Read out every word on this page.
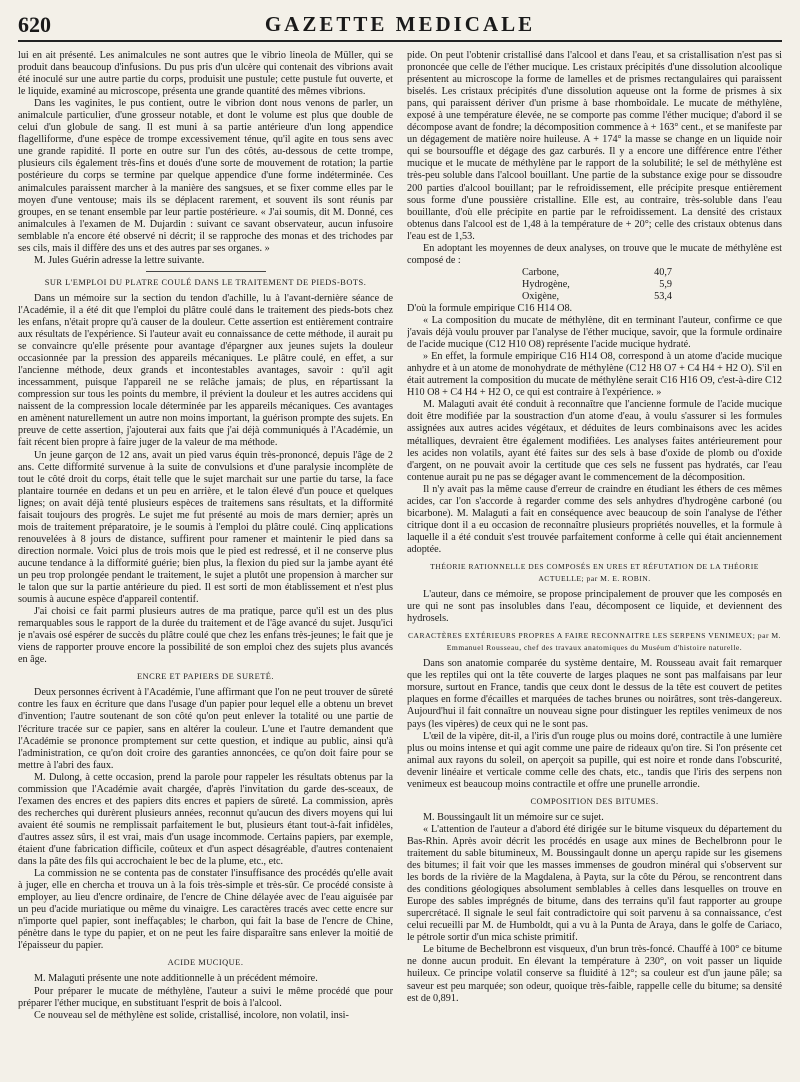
620	GAZETTE MEDICALE

lui en ait présenté. Les animalcules ne sont autres que le vibrio lineola de Müller, qui se produit dans beaucoup d'infusions. Du pus pris d'un ulcère qui contenait des vibrions avait été inoculé sur une autre partie du corps, produisit une pustule; cette pustule fut ouverte, et le liquide, examiné au microscope, présenta une grande quantité des mêmes vibrions.

Dans les vaginites, le pus contient, outre le vibrion dont nous venons de parler, un animalcule particulier, d'une grosseur notable, et dont le volume est plus que double de celui d'un globule de sang. Il est muni à sa partie antérieure d'un long appendice flagelliforme, d'une espèce de trompe excessivement ténue, qu'il agite en tous sens avec une grande rapidité. Il porte en outre sur l'un des côtés, au-dessous de cette trompe, plusieurs cils également très-fins et doués d'une sorte de mouvement de rotation; la partie postérieure du corps se termine par quelque appendice d'une forme indéterminée. Ces animalcules paraissent marcher à la manière des sangsues, et se fixer comme elles par le moyen d'une ventouse; mais ils se déplacent rarement, et souvent ils sont réunis par groupes, en se tenant ensemble par leur partie postérieure. « J'ai soumis, dit M. Donné, ces animalcules à l'examen de M. Dujardin : suivant ce savant observateur, aucun infusoire semblable n'a encore été observé ni décrit; il se rapproche des monas et des trichodes par ses cils, mais il diffère des uns et des autres par ses organes. »

M. Jules Guérin adresse la lettre suivante.

SUR L'EMPLOI DU PLATRE COULÉ DANS LE TRAITEMENT DE PIEDS-BOTS.

Dans un mémoire sur la section du tendon d'achille, lu à l'avant-dernière séance de l'Académie, il a été dit que l'emploi du plâtre coulé dans le traitement des pieds-bots chez les enfans, n'était propre qu'à causer de la douleur. Cette assertion est entièrement contraire aux résultats de l'expérience. Si l'auteur avait eu connaissance de cette méthode, il aurait pu se convaincre qu'elle présente pour avantage d'épargner aux jeunes sujets la douleur occasionnée par la pression des appareils mécaniques. Le plâtre coulé, en effet, a sur l'ancienne méthode, deux grands et incontestables avantages, savoir : qu'il agit incessamment, puisque l'appareil ne se relâche jamais; de plus, en répartissant la compression sur tous les points du membre, il prévient la douleur et les autres accidens qui naissent de la compression locale déterminée par les appareils mécaniques. Ces avantages en amènent naturellement un autre non moins important, la guérison prompte des sujets. En preuve de cette assertion, j'ajouterai aux faits que j'ai déjà communiqués à l'Académie, un fait récent bien propre à faire juger de la valeur de ma méthode.

Un jeune garçon de 12 ans, avait un pied varus équin très-prononcé, depuis l'âge de 2 ans. Cette difformité survenue à la suite de convulsions et d'une paralysie incomplète de tout le côté droit du corps, était telle que le sujet marchait sur une partie du tarse, la face plantaire tournée en dedans et un peu en arrière, et le talon élevé d'un pouce et quelques lignes; on avait déjà tenté plusieurs espèces de traitemens sans résultats, et la difformité faisait toujours des progrès. Le sujet me fut présenté au mois de mars dernier; après un mois de traitement préparatoire, je le soumis à l'emploi du plâtre coulé. Cinq applications renouvelées à 8 jours de distance, suffirent pour ramener et maintenir le pied dans sa direction normale. Voici plus de trois mois que le pied est redressé, et il ne conserve plus aucune tendance à la difformité guérie; bien plus, la flexion du pied sur la jambe ayant été un peu trop prolongée pendant le traitement, le sujet a plutôt une propension à marcher sur le talon que sur la partie antérieure du pied. Il est sorti de mon établissement et n'est plus soumis à aucune espèce d'appareil contentif.

J'ai choisi ce fait parmi plusieurs autres de ma pratique, parce qu'il est un des plus remarquables sous le rapport de la durée du traitement et de l'âge avancé du sujet. Jusqu'ici je n'avais osé espérer de succès du plâtre coulé que chez les enfans très-jeunes; le fait que je viens de rapporter prouve encore la possibilité de son emploi chez des sujets plus avancés en âge.

ENCRE ET PAPIERS DE SURETÉ.

Deux personnes écrivent à l'Académie, l'une affirmant que l'on ne peut trouver de sûreté contre les faux en écriture que dans l'usage d'un papier pour lequel elle a obtenu un brevet d'invention; l'autre soutenant de son côté qu'on peut enlever la totalité ou une partie de l'écriture tracée sur ce papier, sans en altérer la couleur. L'une et l'autre demandent que l'Académie se prononce promptement sur cette question, et indique au public, ainsi qu'à l'administration, ce qu'on doit croire des garanties annoncées, ce qu'on doit faire pour se mettre à l'abri des faux.

M. Dulong, à cette occasion, prend la parole pour rappeler les résultats obtenus par la commission que l'Académie avait chargée, d'après l'invitation du garde des-sceaux, de l'examen des encres et des papiers dits encres et papiers de sûreté. La commission, après des recherches qui durèrent plusieurs années, reconnut qu'aucun des divers moyens qui lui avaient été soumis ne remplissait parfaitement le but, plusieurs étant tout-à-fait infidèles, d'autres assez sûrs, il est vrai, mais d'un usage incommode. Certains papiers, par exemple, étaient d'une fabrication difficile, coûteux et d'un aspect désagréable, d'autres contenaient dans la pâte des fils qui accrochaient le bec de la plume, etc., etc.

La commission ne se contenta pas de constater l'insuffisance des procédés qu'elle avait à juger, elle en chercha et trouva un à la fois très-simple et très-sûr. Ce procédé consiste à employer, au lieu d'encre ordinaire, de l'encre de Chine délayée avec de l'eau aiguisée par un peu d'acide muriatique ou même du vinaigre. Les caractères tracés avec cette encre sur n'importe quel papier, sont ineffaçables; le charbon, qui fait la base de l'encre de Chine, pénètre dans le type du papier, et on ne peut les faire disparaître sans enlever la moitié de l'épaisseur du papier.

ACIDE MUCIQUE.

M. Malaguti présente une note additionnelle à un précédent mémoire.

Pour préparer le mucate de méthylène, l'auteur a suivi le même procédé que pour préparer l'éther mucique, en substituant l'esprit de bois à l'alcool.

Ce nouveau sel de méthylène est solide, cristallisé, incolore, non volatil, insi-

pide. On peut l'obtenir cristallisé dans l'alcool et dans l'eau, et sa cristallisation n'est pas si prononcée que celle de l'éther mucique. Les cristaux précipités d'une dissolution alcoolique présentent au microscope la forme de lamelles et de prismes rectangulaires qui paraissent biselés. Les cristaux précipités d'une dissolution aqueuse ont la forme de prismes à six pans, qui paraissent dériver d'un prisme à base rhomboïdale. Le mucate de méthylène, exposé à une température élevée, ne se comporte pas comme l'éther mucique; d'abord il se décompose avant de fondre; la décomposition commence à + 163° cent., et se manifeste par un dégagement de matière noire huileuse. A + 174° la masse se change en un liquide noir qui se boursouffle et dégage des gaz carburés. Il y a encore une différence entre l'éther mucique et le mucate de méthylène par le rapport de la solubilité; le sel de méthylène est très-peu soluble dans l'alcool bouillant. Une partie de la substance exige pour se dissoudre 200 parties d'alcool bouillant; par le refroidissement, elle précipite presque entièrement sous forme d'une poussière cristalline. Elle est, au contraire, très-soluble dans l'eau bouillante, d'où elle précipite en partie par le refroidissement. La densité des cristaux obtenus dans l'alcool est de 1,48 à la température de + 20°; celle des cristaux obtenus dans l'eau est de 1,53.

En adoptant les moyennes de deux analyses, on trouve que le mucate de méthylène est composé de :

Carbone,	40,7
Hydrogène,	5,9
Oxigène,	53,4

D'où la formule empirique C16 H14 O8.

« La composition du mucate de méthylène, dit en terminant l'auteur, confirme ce que j'avais déjà voulu prouver par l'analyse de l'éther mucique, savoir, que la formule ordinaire de l'acide mucique (C12 H10 O8) représente l'acide mucique hydraté.

» En effet, la formule empirique C16 H14 O8, correspond à un atome d'acide mucique anhydre et à un atome de monohydrate de méthylène (C12 H8 O7 + C4 H4 + H2 O). S'il en était autrement la composition du mucate de méthylène serait C16 H16 O9, c'est-à-dire C12 H10 O8 + C4 H4 + H2 O, ce qui est contraire à l'expérience. »

M. Malaguti avait été conduit à reconnaître que l'ancienne formule de l'acide mucique doit être modifiée par la soustraction d'un atome d'eau, à voulu s'assurer si les formules assignées aux autres acides végétaux, et déduites de leurs combinaisons avec les acides métalliques, devraient être également modifiées. Les analyses faites antérieurement pour les acides non volatils, ayant été faites sur des sels à base d'oxide de plomb ou d'oxide d'argent, on ne pouvait avoir la certitude que ces sels ne fussent pas hydratés, car l'eau contenue aurait pu ne pas se dégager avant le commencement de la décomposition.

Il n'y avait pas la même cause d'erreur de craindre en étudiant les éthers de ces mêmes acides, car l'on s'accorde à regarder comme des sels anhydres d'hydrogène carboné (ou bicarbone). M. Malaguti a fait en conséquence avec beaucoup de soin l'analyse de l'éther citrique dont il a eu occasion de reconnaître plusieurs propriétés nouvelles, et la formule à laquelle il a été conduit s'est trouvée parfaitement conforme à celle qui était anciennement adoptée.

THÉORIE RATIONNELLE DES COMPOSÉS EN URES ET RÉFUTATION DE LA THÉORIE ACTUELLE; par M. E. ROBIN.

L'auteur, dans ce mémoire, se propose principalement de prouver que les composés en ure qui ne sont pas insolubles dans l'eau, décomposent ce liquide, et deviennent des hydrosels.

CARACTÈRES EXTÉRIEURS PROPRES A FAIRE RECONNAITRE LES SERPENS VENIMEUX; par M. Emmanuel Rousseau, chef des travaux anatomiques du Muséum d'histoire naturelle.

Dans son anatomie comparée du système dentaire, M. Rousseau avait fait remarquer que les reptiles qui ont la tête couverte de larges plaques ne sont pas malfaisans par leur morsure, surtout en France, tandis que ceux dont le dessus de la tête est couvert de petites plaques en forme d'écailles et marquées de taches brunes ou noirâtres, sont très-dangereux. Aujourd'hui il fait connaître un nouveau signe pour distinguer les reptiles venimeux de nos pays (les vipères) de ceux qui ne le sont pas.

L'œil de la vipère, dit-il, a l'iris d'un rouge plus ou moins doré, contractile à une lumière plus ou moins intense et qui agit comme une paire de rideaux qu'on tire. Si l'on présente cet animal aux rayons du soleil, on aperçoit sa pupille, qui est noire et ronde dans l'obscurité, devenir linéaire et verticale comme celle des chats, etc., tandis que l'iris des serpens non venimeux est beaucoup moins contractile et offre une prunelle arrondie.

COMPOSITION DES BITUMES.

M. Boussingault lit un mémoire sur ce sujet.

« L'attention de l'auteur a d'abord été dirigée sur le bitume visqueux du département du Bas-Rhin. Après avoir décrit les procédés en usage aux mines de Bechelbronn pour le traitement du sable bitumineux, M. Boussingault donne un aperçu rapide sur les gisemens des bitumes; il fait voir que les masses immenses de goudron minéral qui s'observent sur les bords de la rivière de la Magdalena, à Payta, sur la côte du Pérou, se rencontrent dans des conditions géologiques absolument semblables à celles dans lesquelles on trouve en Europe des sables imprégnés de bitume, dans des terrains qu'il faut rapporter au groupe supercrétacé. Il signale le seul fait contradictoire qui soit parvenu à sa connaissance, c'est celui recueilli par M. de Humboldt, qui a vu à la Punta de Araya, dans le golfe de Cariaco, le pétrole sortir d'un mica schiste primitif.

Le bitume de Bechelbronn est visqueux, d'un brun très-foncé. Chauffé à 100° ce bitume ne donne aucun produit. En élevant la température à 230°, on voit passer un liquide huileux. Ce principe volatil conserve sa fluidité à 12°; sa couleur est d'un jaune pâle; sa saveur est peu marquée; son odeur, quoique très-faible, rappelle celle du bitume; sa densité est de 0,891.
